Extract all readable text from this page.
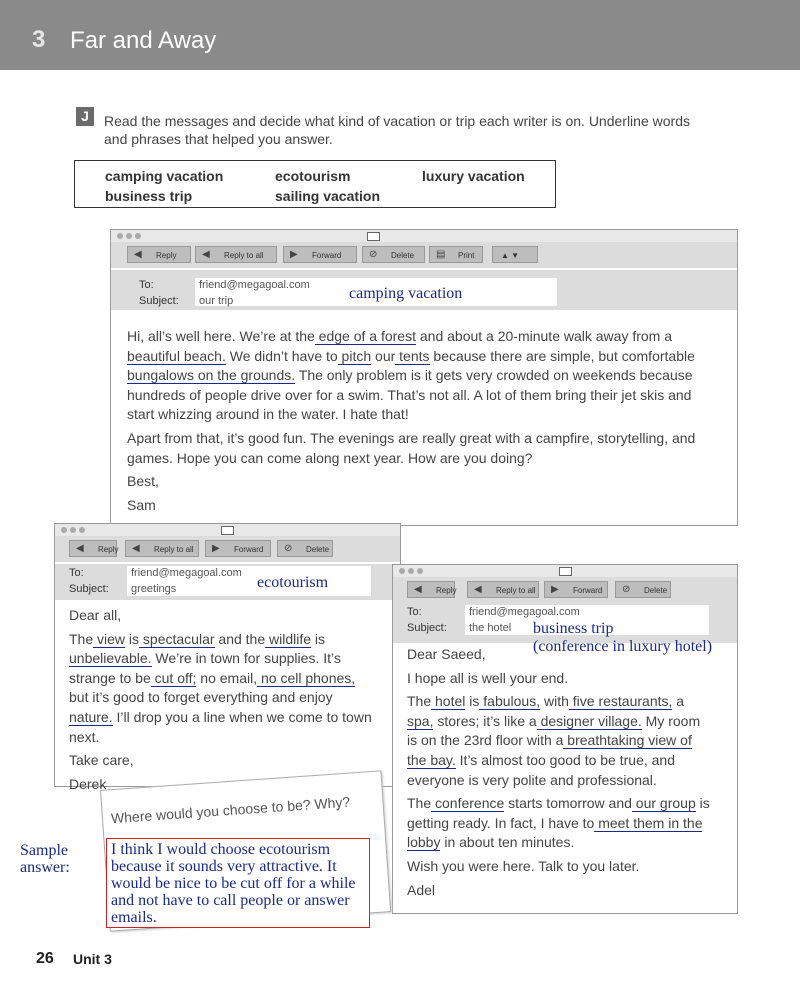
3 Far and Away
J	Read the messages and decide what kind of vacation or trip each writer is on. Underline words and phrases that helped you answer.
camping vacation	ecotourism	luxury vacation
business trip	sailing vacation
◀ Reply	◀ Reply to all	▶ Forward	⊘ Delete	▤ Print	▲ ▼
To:
Subject:
friend@megagoal.com
our trip	camping vacation

Hi, all’s well here. We’re at the edge of a forest and about a 20-minute walk away from a beautiful beach. We didn’t have to pitch our tents because there are simple, but comfortable bungalows on the grounds. The only problem is it gets very crowded on weekends because hundreds of people drive over for a swim. That’s not all. A lot of them bring their jet skis and start whizzing around in the water. I hate that!

Apart from that, it’s good fun. The evenings are really great with a campfire, storytelling, and games. Hope you can come along next year. How are you doing?

Best,

Sam

◀ Reply ◀ Reply to all	▶ Forward	⊘ Delete
To:
Subject:
friend@megagoal.com
greetings	ecotourism

Dear all,

The view is spectacular and the wildlife is unbelievable. We’re in town for supplies. It’s strange to be cut off; no email, no cell phones, but it’s good to forget everything and enjoy nature. I’ll drop you a line when we come to town next.

Take care,

Derek

◀ Reply ◀ Reply to all	▶ Forward	⊘ Delete
To:
Subject:
friend@megagoal.com
the hotel business trip
(conference in luxury hotel)

Dear Saeed,

I hope all is well your end.

The hotel is fabulous, with five restaurants, a spa, stores; it’s like a designer village. My room is on the 23rd floor with a breathtaking view of the bay. It’s almost too good to be true, and everyone is very polite and professional.

The conference starts tomorrow and our group is getting ready. In fact, I have to meet them in the lobby in about ten minutes.

Wish you were here. Talk to you later.

Adel

Sample
answer:
Where would you choose to be? Why?
I think I would choose ecotourism because it sounds very attractive. It would be nice to be cut off for a while and not have to call people or answer emails.
26 Unit 3
